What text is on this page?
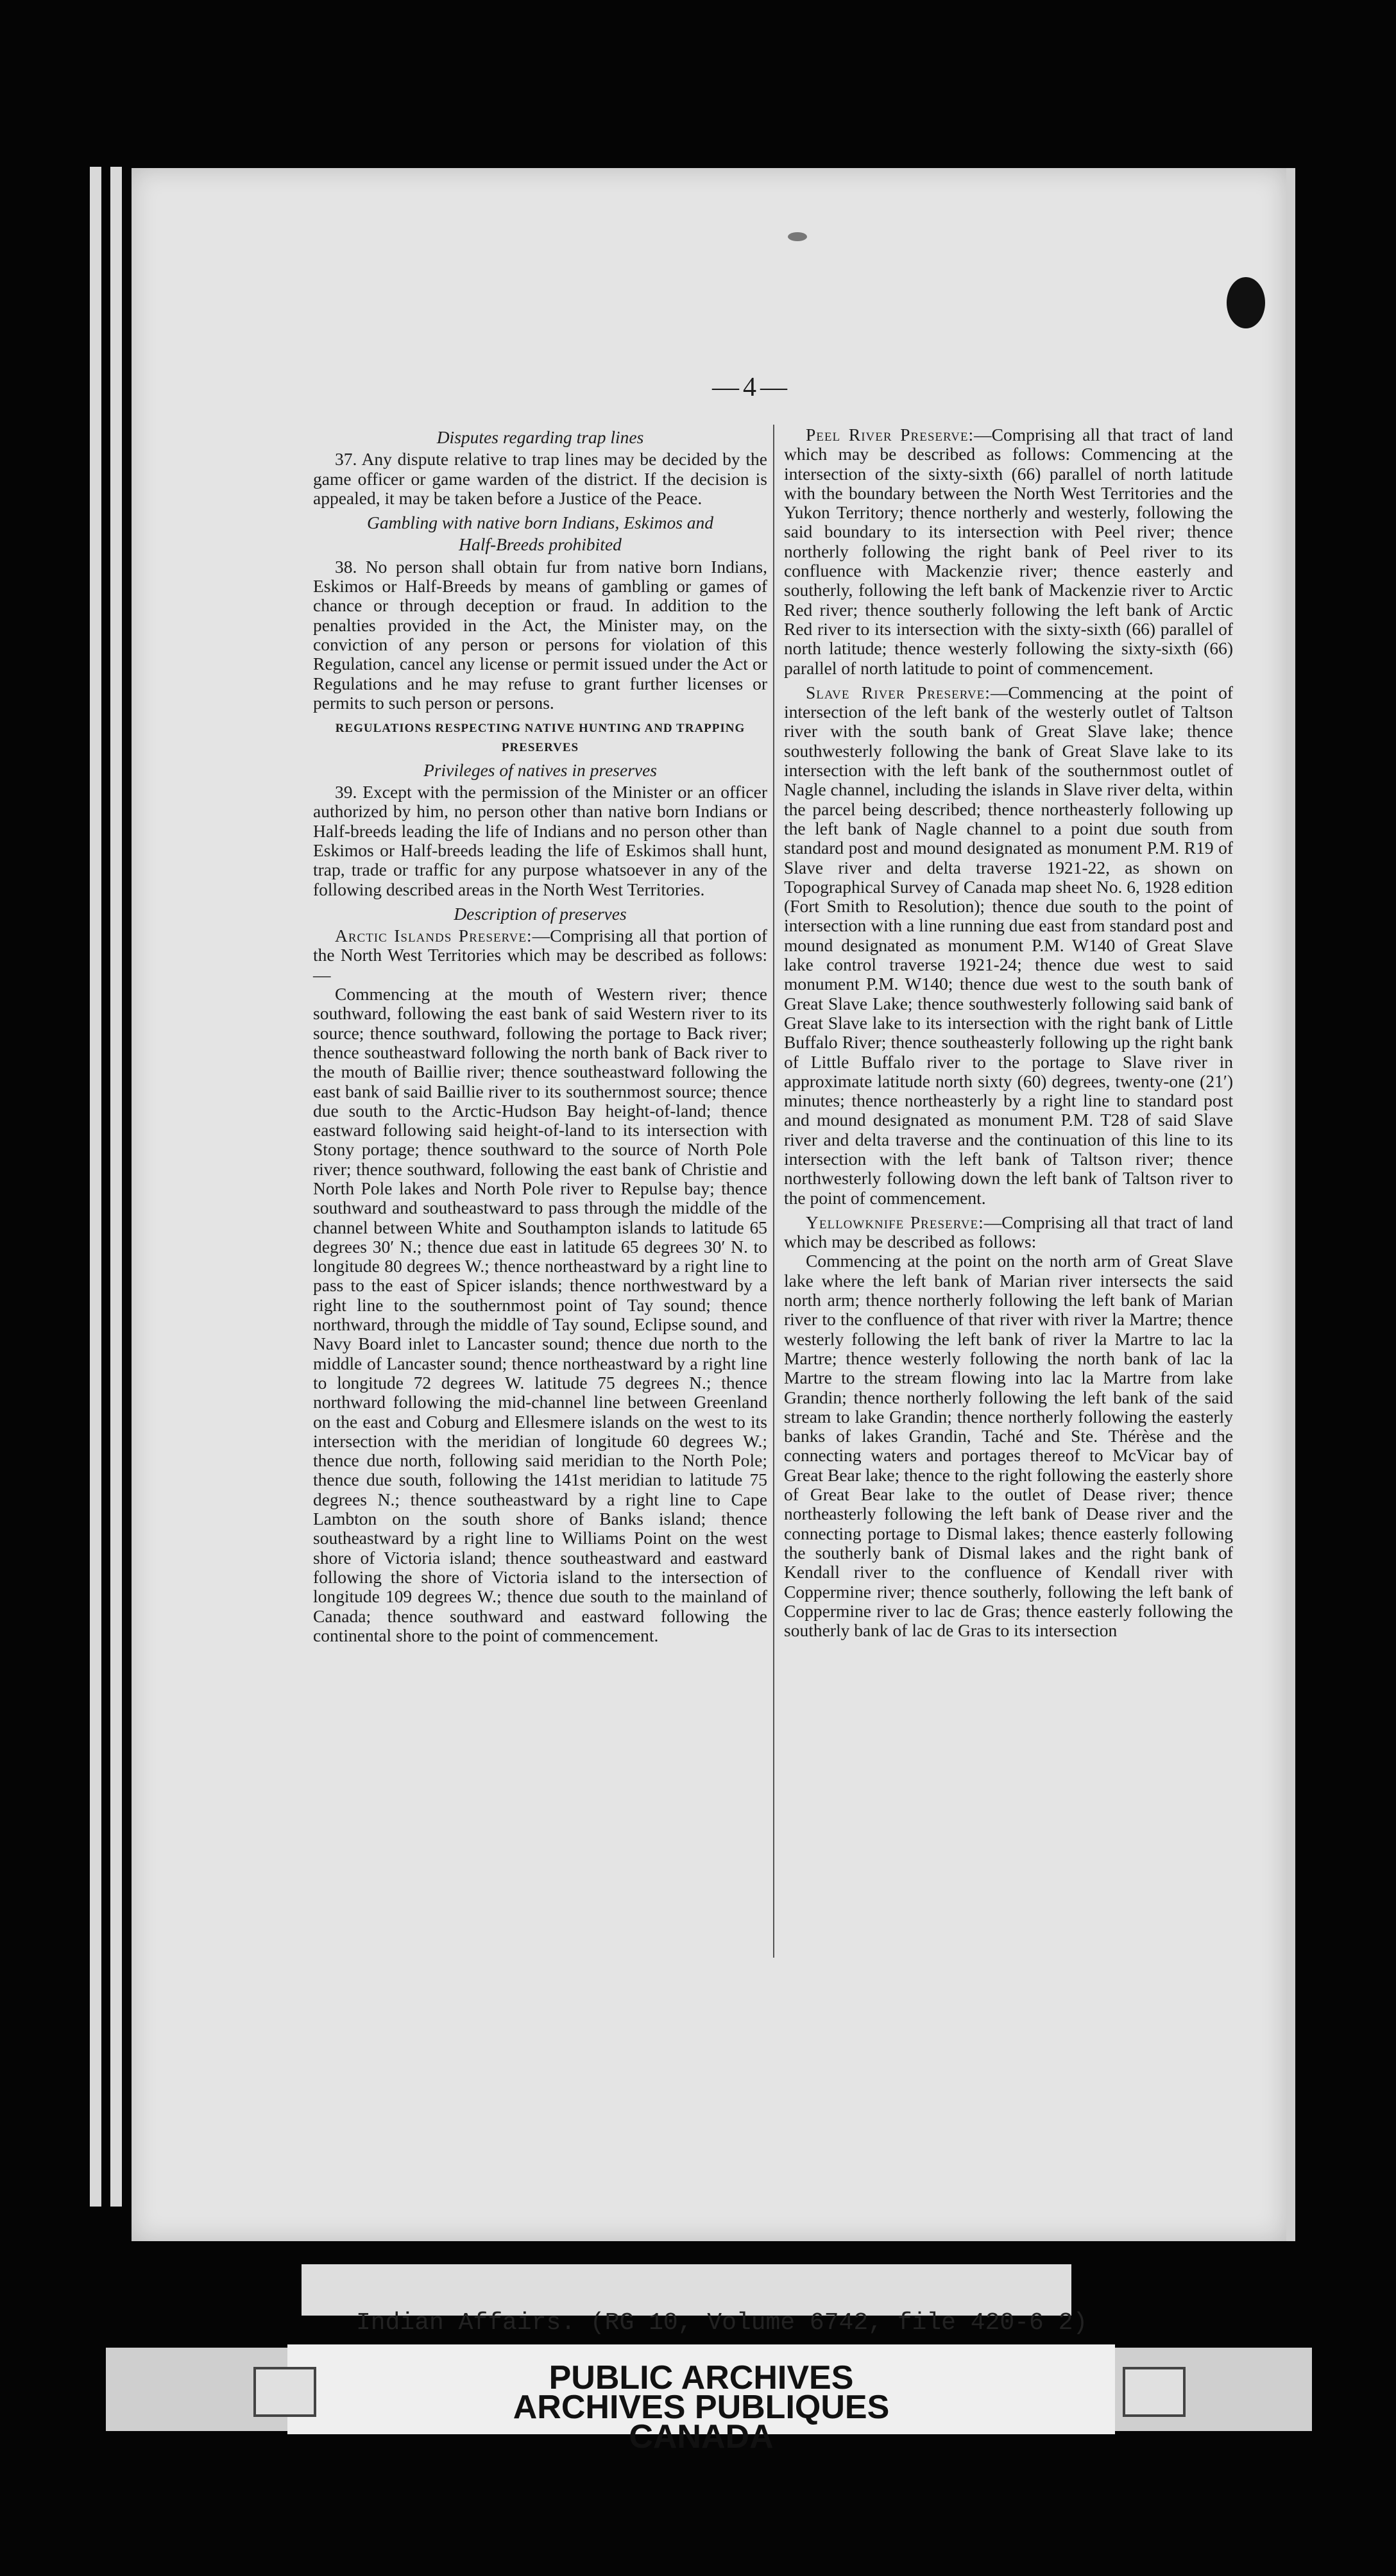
—4—

Disputes regarding trap lines

37. Any dispute relative to trap lines may be decided by the game officer or game warden of the district. If the decision is appealed, it may be taken before a Justice of the Peace.

Gambling with native born Indians, Eskimos and

Half-Breeds prohibited

38. No person shall obtain fur from native born Indians, Eskimos or Half-Breeds by means of gambling or games of chance or through deception or fraud. In addition to the penalties provided in the Act, the Minister may, on the conviction of any person or persons for violation of this Regulation, cancel any license or permit issued under the Act or Regulations and he may refuse to grant further licenses or permits to such person or persons.

REGULATIONS RESPECTING NATIVE HUNTING AND TRAPPING PRESERVES

Privileges of natives in preserves

39. Except with the permission of the Minister or an officer authorized by him, no person other than native born Indians or Half-breeds leading the life of Indians and no person other than Eskimos or Half-breeds leading the life of Eskimos shall hunt, trap, trade or traffic for any purpose whatsoever in any of the following described areas in the North West Territories.

Description of preserves

Arctic Islands Preserve:—Comprising all that portion of the North West Territories which may be described as follows:—

Commencing at the mouth of Western river; thence southward, following the east bank of said Western river to its source; thence southward, following the portage to Back river; thence southeastward following the north bank of Back river to the mouth of Baillie river; thence southeastward following the east bank of said Baillie river to its southernmost source; thence due south to the Arctic-Hudson Bay height-of-land; thence eastward following said height-of-land to its intersection with Stony portage; thence southward to the source of North Pole river; thence southward, following the east bank of Christie and North Pole lakes and North Pole river to Repulse bay; thence southward and southeastward to pass through the middle of the channel between White and Southampton islands to latitude 65 degrees 30′ N.; thence due east in latitude 65 degrees 30′ N. to longitude 80 degrees W.; thence northeastward by a right line to pass to the east of Spicer islands; thence northwestward by a right line to the southernmost point of Tay sound; thence northward, through the middle of Tay sound, Eclipse sound, and Navy Board inlet to Lancaster sound; thence due north to the middle of Lancaster sound; thence northeastward by a right line to longitude 72 degrees W. latitude 75 degrees N.; thence northward following the mid-channel line between Greenland on the east and Coburg and Ellesmere islands on the west to its intersection with the meridian of longitude 60 degrees W.; thence due north, following said meridian to the North Pole; thence due south, following the 141st meridian to latitude 75 degrees N.; thence southeastward by a right line to Cape Lambton on the south shore of Banks island; thence southeastward by a right line to Williams Point on the west shore of Victoria island; thence southeastward and eastward following the shore of Victoria island to the intersection of longitude 109 degrees W.; thence due south to the mainland of Canada; thence southward and eastward following the continental shore to the point of commencement.

Peel River Preserve:—Comprising all that tract of land which may be described as follows: Commencing at the intersection of the sixty-sixth (66) parallel of north latitude with the boundary between the North West Territories and the Yukon Territory; thence northerly and westerly, following the said boundary to its intersection with Peel river; thence northerly following the right bank of Peel river to its confluence with Mackenzie river; thence easterly and southerly, following the left bank of Mackenzie river to Arctic Red river; thence southerly following the left bank of Arctic Red river to its intersection with the sixty-sixth (66) parallel of north latitude; thence westerly following the sixty-sixth (66) parallel of north latitude to point of commencement.

Slave River Preserve:—Commencing at the point of intersection of the left bank of the westerly outlet of Taltson river with the south bank of Great Slave lake; thence southwesterly following the bank of Great Slave lake to its intersection with the left bank of the southernmost outlet of Nagle channel, including the islands in Slave river delta, within the parcel being described; thence northeasterly following up the left bank of Nagle channel to a point due south from standard post and mound designated as monument P.M. R19 of Slave river and delta traverse 1921-22, as shown on Topographical Survey of Canada map sheet No. 6, 1928 edition (Fort Smith to Resolution); thence due south to the point of intersection with a line running due east from standard post and mound designated as monument P.M. W140 of Great Slave lake control traverse 1921-24; thence due west to said monument P.M. W140; thence due west to the south bank of Great Slave Lake; thence southwesterly following said bank of Great Slave lake to its intersection with the right bank of Little Buffalo River; thence southeasterly following up the right bank of Little Buffalo river to the portage to Slave river in approximate latitude north sixty (60) degrees, twenty-one (21′) minutes; thence northeasterly by a right line to standard post and mound designated as monument P.M. T28 of said Slave river and delta traverse and the continuation of this line to its intersection with the left bank of Taltson river; thence northwesterly following down the left bank of Taltson river to the point of commencement.

Yellowknife Preserve:—Comprising all that tract of land which may be described as follows:

Commencing at the point on the north arm of Great Slave lake where the left bank of Marian river intersects the said north arm; thence northerly following the left bank of Marian river to the confluence of that river with river la Martre; thence westerly following the left bank of river la Martre to lac la Martre; thence westerly following the north bank of lac la Martre to the stream flowing into lac la Martre from lake Grandin; thence northerly following the left bank of the said stream to lake Grandin; thence northerly following the easterly banks of lakes Grandin, Taché and Ste. Thérèse and the connecting waters and portages thereof to McVicar bay of Great Bear lake; thence to the right following the easterly shore of Great Bear lake to the outlet of Dease river; thence northeasterly following the left bank of Dease river and the connecting portage to Dismal lakes; thence easterly following the southerly bank of Dismal lakes and the right bank of Kendall river to the confluence of Kendall river with Coppermine river; thence southerly, following the left bank of Coppermine river to lac de Gras; thence easterly following the southerly bank of lac de Gras to its intersection

Indian Affairs. (RG 10, Volume 6742, file 420-6 2)
PUBLIC ARCHIVES
ARCHIVES PUBLIQUES
CANADA
